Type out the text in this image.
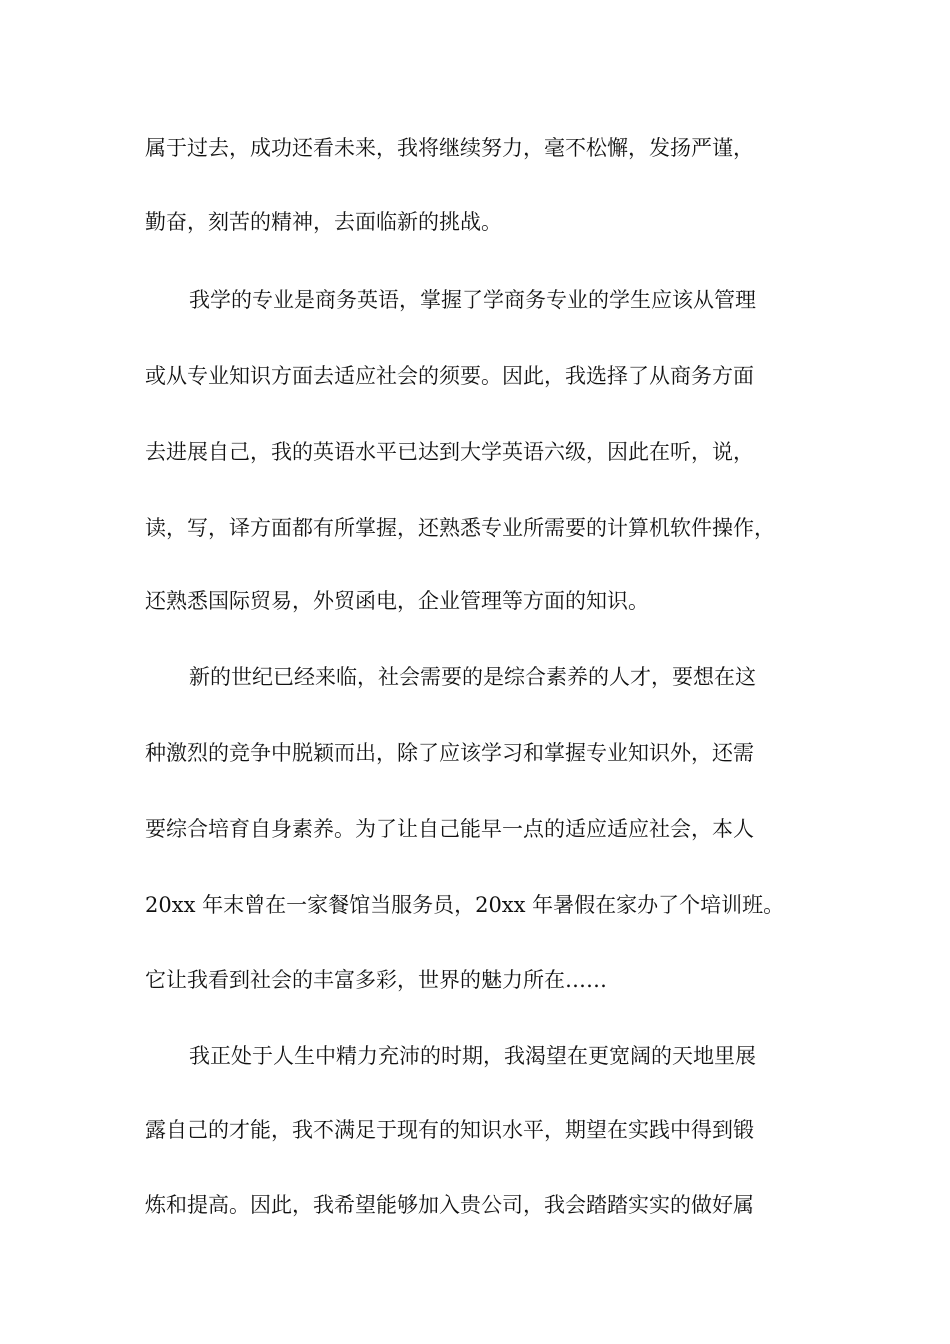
属于过去，成功还看未来，我将继续努力，毫不松懈，发扬严谨，
勤奋，刻苦的精神，去面临新的挑战。
我学的专业是商务英语，掌握了学商务专业的学生应该从管理
或从专业知识方面去适应社会的须要。因此，我选择了从商务方面
去进展自己，我的英语水平已达到大学英语六级，因此在听，说，
读，写，译方面都有所掌握，还熟悉专业所需要的计算机软件操作，
还熟悉国际贸易，外贸函电，企业管理等方面的知识。
新的世纪已经来临，社会需要的是综合素养的人才，要想在这
种激烈的竞争中脱颖而出，除了应该学习和掌握专业知识外，还需
要综合培育自身素养。为了让自己能早一点的适应适应社会，本人
20xx 年末曾在一家餐馆当服务员，20xx 年暑假在家办了个培训班。
它让我看到社会的丰富多彩，世界的魅力所在……
我正处于人生中精力充沛的时期，我渴望在更宽阔的天地里展
露自己的才能，我不满足于现有的知识水平，期望在实践中得到锻
炼和提高。因此，我希望能够加入贵公司，我会踏踏实实的做好属
